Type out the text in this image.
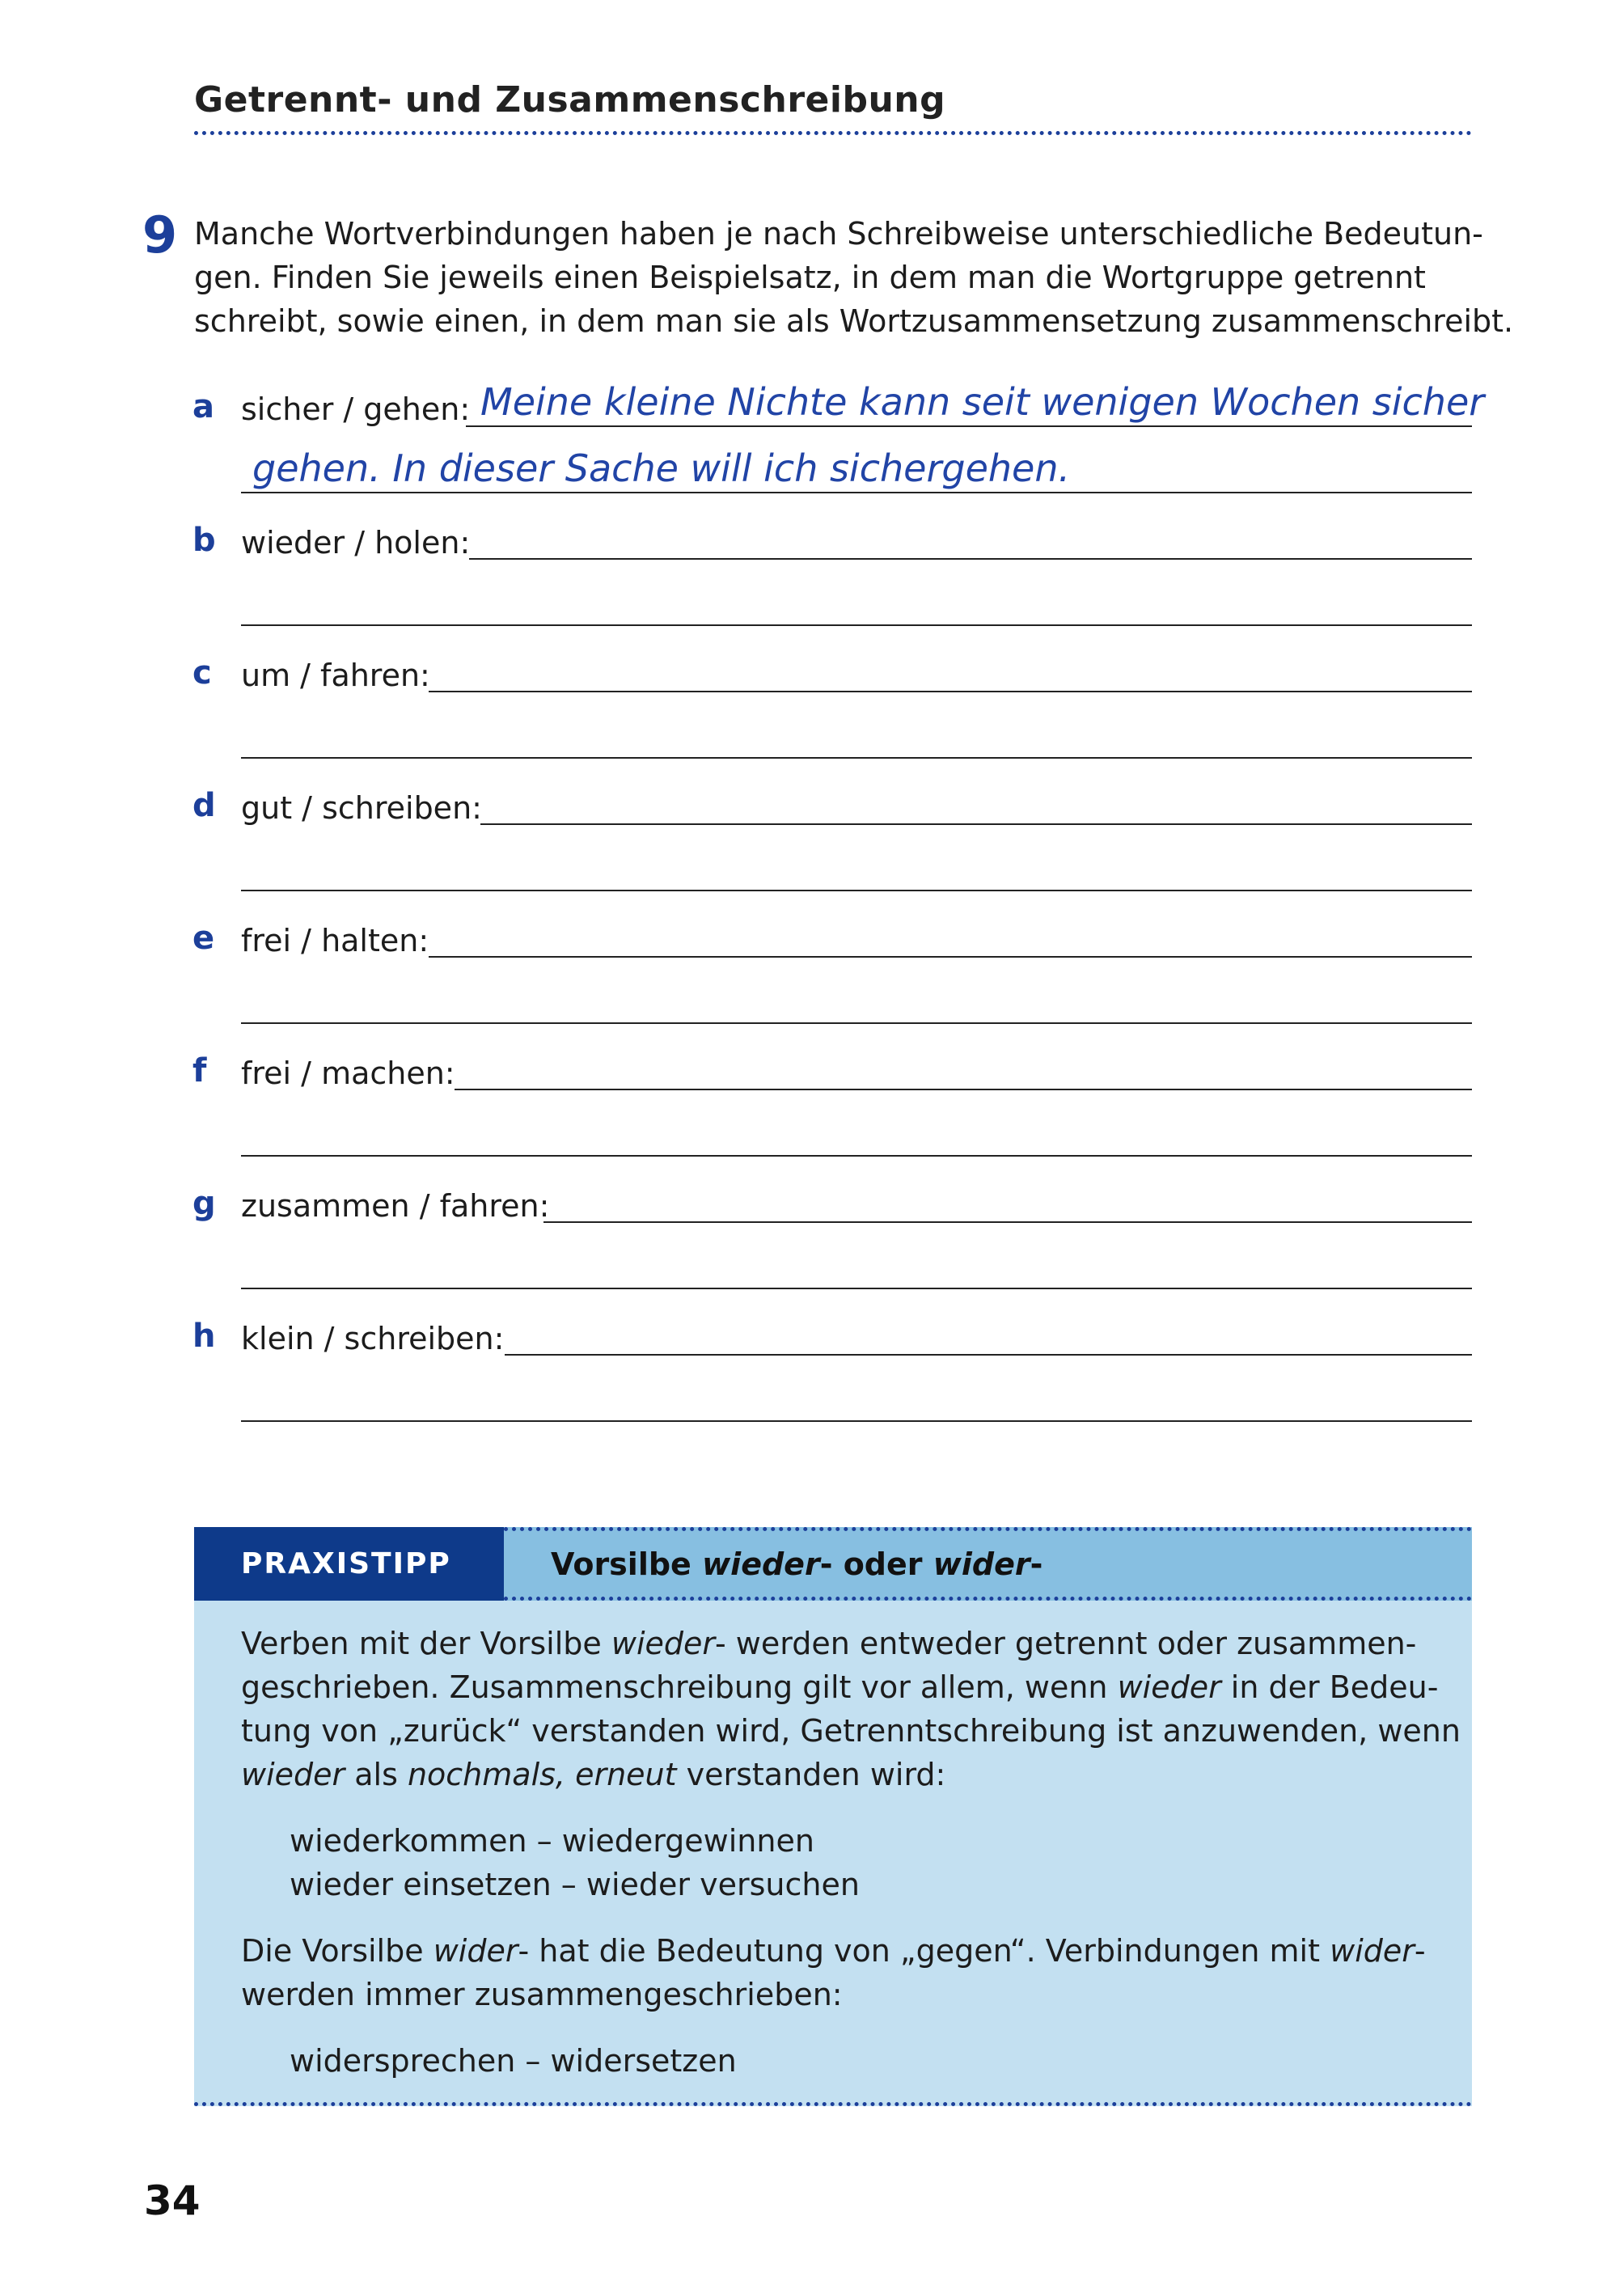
Getrennt- und Zusammenschreibung
9 Manche Wortverbindungen haben je nach Schreibweise unterschiedliche Bedeutun-
gen. Finden Sie jeweils einen Beispielsatz, in dem man die Wortgruppe getrennt
schreibt, sowie einen, in dem man sie als Wortzusammensetzung zusammenschreibt.
a sicher / gehen: Meine kleine Nichte kann seit wenigen Wochen sicher
gehen. In dieser Sache will ich sichergehen.
b wieder / holen:
c um / fahren:
d gut / schreiben:
e frei / halten:
f frei / machen:
g zusammen / fahren:
h klein / schreiben:
PRAXISTIPP	Vorsilbe wieder - oder wider -
Verben mit der Vorsilbe wieder- werden entweder getrennt oder zusammen-
geschrieben. Zusammenschreibung gilt vor allem, wenn wieder in der Bedeu-
tung von „zurück“ verstanden wird, Getrenntschreibung ist anzuwenden, wenn
wieder als nochmals, erneut verstanden wird:
wiederkommen – wiedergewinnen
wieder einsetzen – wieder versuchen
Die Vorsilbe wider- hat die Bedeutung von „gegen“. Verbindungen mit wider-
werden immer zusammengeschrieben:
widersprechen – widersetzen
34
